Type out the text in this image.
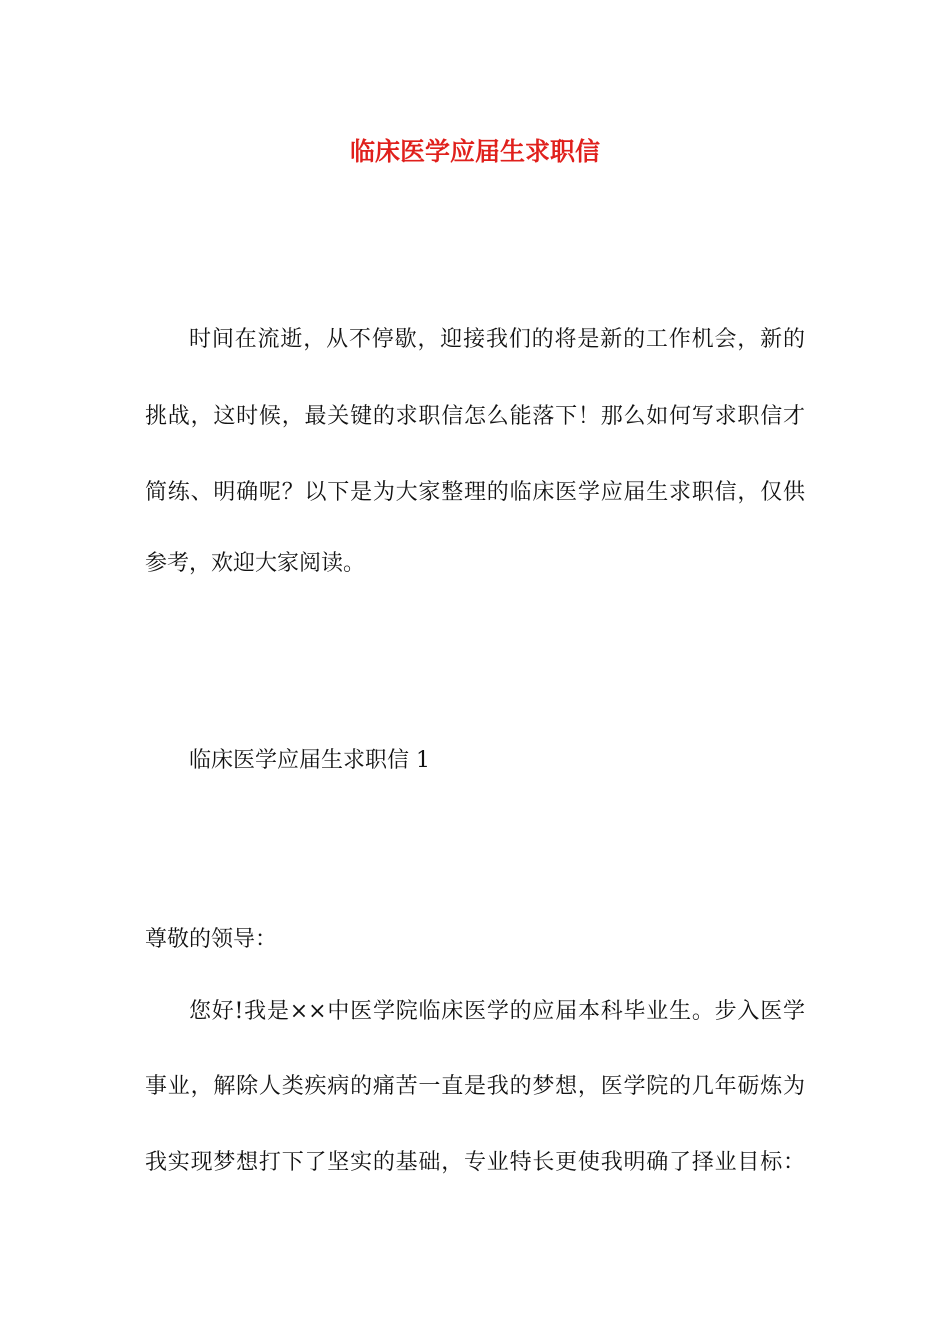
临床医学应届生求职信
时间在流逝，从不停歇，迎接我们的将是新的工作机会，新的
挑战，这时候，最关键的求职信怎么能落下！那么如何写求职信才
简练、明确呢？以下是为大家整理的临床医学应届生求职信，仅供
参考，欢迎大家阅读。
临床医学应届生求职信 1
尊敬的领导：
您好!我是××中医学院临床医学的应届本科毕业生。步入医学
事业，解除人类疾病的痛苦一直是我的梦想，医学院的几年砺炼为
我实现梦想打下了坚实的基础，专业特长更使我明确了择业目标：
